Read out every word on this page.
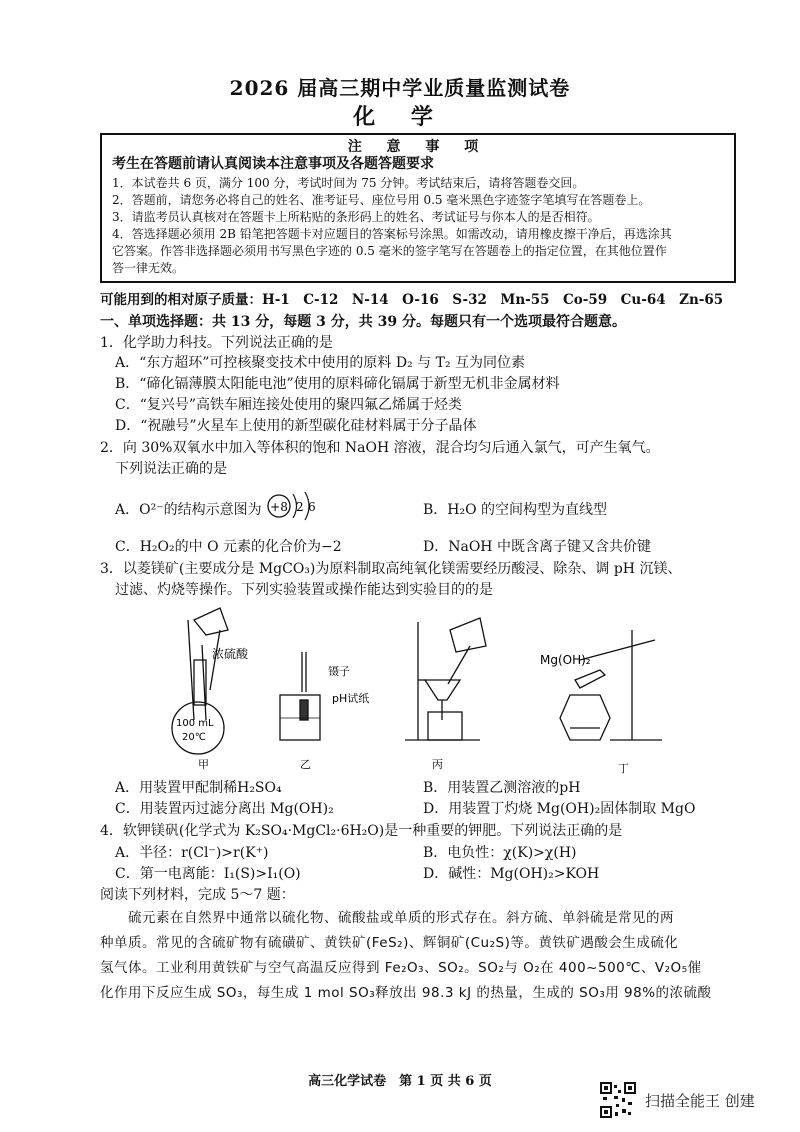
2026 届高三期中学业质量监测试卷
化 学
注 意 事 项
考生在答题前请认真阅读本注意事项及各题答题要求

1．本试卷共 6 页，满分 100 分，考试时间为 75 分钟。考试结束后，请将答题卷交回。

2．答题前，请您务必将自己的姓名、准考证号、座位号用 0.5 毫米黑色字迹签字笔填写在答题卷上。

3．请监考员认真核对在答题卡上所粘贴的条形码上的姓名、考试证号与你本人的是否相符。

4．答选择题必须用 2B 铅笔把答题卡对应题目的答案标号涂黑。如需改动，请用橡皮擦干净后，再选涂其

它答案。作答非选择题必须用书写黑色字迹的 0.5 毫米的签字笔写在答题卷上的指定位置，在其他位置作

答一律无效。

可能用到的相对原子质量：H-1　C-12　N-14　O-16　S-32　Mn-55　Co-59　Cu-64　Zn-65
一、单项选择题：共 13 分，每题 3 分，共 39 分。每题只有一个选项最符合题意。
1．化学助力科技。下列说法正确的是
A．“东方超环”可控核聚变技术中使用的原料 D₂ 与 T₂ 互为同位素
B．“碲化镉薄膜太阳能电池”使用的原料碲化镉属于新型无机非金属材料
C．“复兴号”高铁车厢连接处使用的聚四氟乙烯属于烃类
D．“祝融号”火星车上使用的新型碳化硅材料属于分子晶体
2．向 30%双氧水中加入等体积的饱和 NaOH 溶液，混合均匀后通入氯气，可产生氧气。
下列说法正确的是
A．O²⁻的结构示意图为 +8 2 6	B．H₂O 的空间构型为直线型
C．H₂O₂的中 O 元素的化合价为−2	D．NaOH 中既含离子键又含共价键
3．以菱镁矿(主要成分是 MgCO₃)为原料制取高纯氧化镁需要经历酸浸、除杂、调 pH 沉镁、
过滤、灼烧等操作。下列实验装置或操作能达到实验目的的是
浓硫酸
100 mL
20℃
镊子
pH试纸
Mg(OH)₂
甲	乙	丙	丁
A．用装置甲配制稀H₂SO₄	B．用装置乙测溶液的pH
C．用装置丙过滤分离出 Mg(OH)₂	D．用装置丁灼烧 Mg(OH)₂固体制取 MgO
4．软钾镁矾(化学式为 K₂SO₄·MgCl₂·6H₂O)是一种重要的钾肥。下列说法正确的是
A．半径：r(Cl⁻)>r(K⁺)	B．电负性：χ(K)>χ(H)
C．第一电离能：I₁(S)>I₁(O)	D．碱性：Mg(OH)₂>KOH
阅读下列材料，完成 5～7 题：
硫元素在自然界中通常以硫化物、硫酸盐或单质的形式存在。斜方硫、单斜硫是常见的两
种单质。常见的含硫矿物有硫磺矿、黄铁矿(FeS₂)、辉铜矿(Cu₂S)等。黄铁矿遇酸会生成硫化
氢气体。工业利用黄铁矿与空气高温反应得到 Fe₂O₃、SO₂。SO₂与 O₂在 400~500℃、V₂O₅催
化作用下反应生成 SO₃，每生成 1 mol SO₃释放出 98.3 kJ 的热量，生成的 SO₃用 98%的浓硫酸
高三化学试卷　第 1 页 共 6 页
扫描全能王 创建
